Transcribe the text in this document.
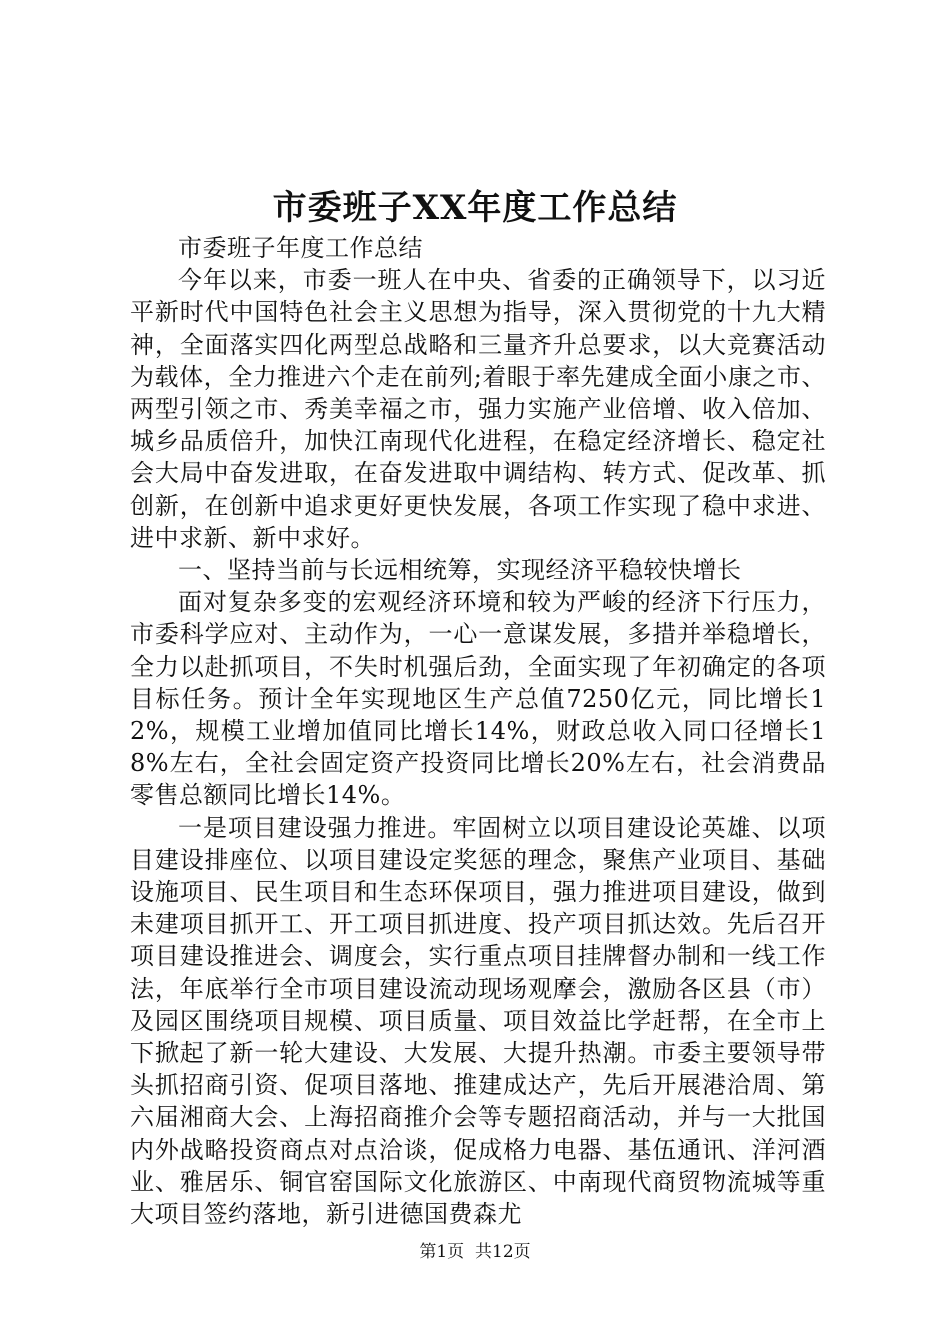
市委班子XX年度工作总结

市委班子年度工作总结

今年以来，市委一班人在中央、省委的正确领导下，以习近平新时代中国特色社会主义思想为指导，深入贯彻党的十九大精神，全面落实四化两型总战略和三量齐升总要求，以大竞赛活动为载体，全力推进六个走在前列;着眼于率先建成全面小康之市、两型引领之市、秀美幸福之市，强力实施产业倍增、收入倍加、城乡品质倍升，加快江南现代化进程，在稳定经济增长、稳定社会大局中奋发进取，在奋发进取中调结构、转方式、促改革、抓创新，在创新中追求更好更快发展，各项工作实现了稳中求进、进中求新、新中求好。

一、坚持当前与长远相统筹，实现经济平稳较快增长

面对复杂多变的宏观经济环境和较为严峻的经济下行压力，市委科学应对、主动作为，一心一意谋发展，多措并举稳增长，全力以赴抓项目，不失时机强后劲，全面实现了年初确定的各项目标任务。预计全年实现地区生产总值7250亿元，同比增长12%，规模工业增加值同比增长14%，财政总收入同口径增长18%左右，全社会固定资产投资同比增长20%左右，社会消费品零售总额同比增长14%。

一是项目建设强力推进。牢固树立以项目建设论英雄、以项目建设排座位、以项目建设定奖惩的理念，聚焦产业项目、基础设施项目、民生项目和生态环保项目，强力推进项目建设，做到未建项目抓开工、开工项目抓进度、投产项目抓达效。先后召开项目建设推进会、调度会，实行重点项目挂牌督办制和一线工作法，年底举行全市项目建设流动现场观摩会，激励各区县（市）及园区围绕项目规模、项目质量、项目效益比学赶帮，在全市上下掀起了新一轮大建设、大发展、大提升热潮。市委主要领导带头抓招商引资、促项目落地、推建成达产，先后开展港洽周、第六届湘商大会、上海招商推介会等专题招商活动，并与一大批国内外战略投资商点对点洽谈，促成格力电器、基伍通讯、洋河酒业、雅居乐、铜官窑国际文化旅游区、中南现代商贸物流城等重大项目签约落地，新引进德国费森尤

第1页 共12页
